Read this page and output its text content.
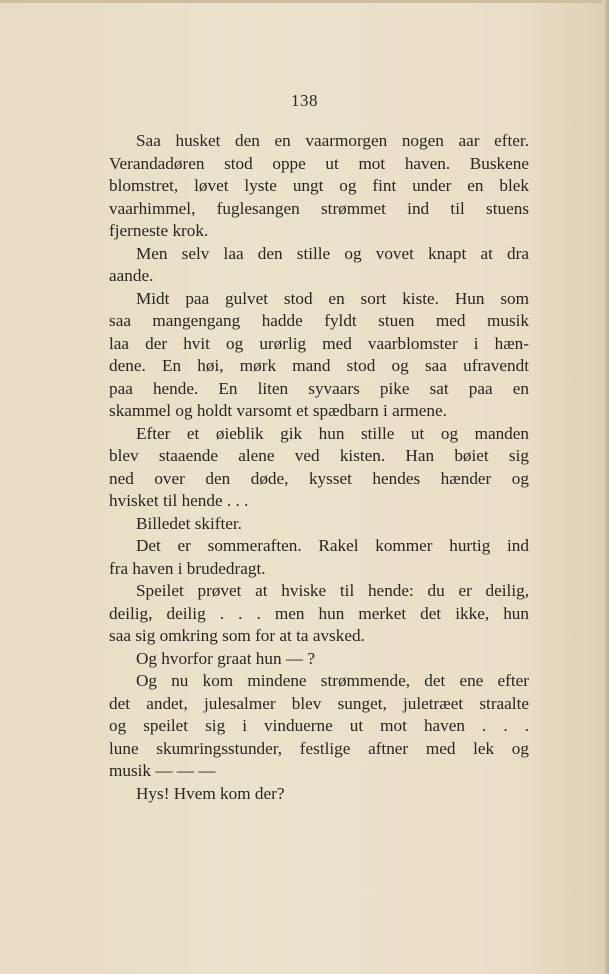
138
Saa husket den en vaarmorgen nogen aar efter.
Verandadøren stod oppe ut mot haven. Buskene
blomstret, løvet lyste ungt og fint under en blek
vaarhimmel, fuglesangen strømmet ind til stuens
fjerneste krok.
Men selv laa den stille og vovet knapt at dra
aande.
Midt paa gulvet stod en sort kiste. Hun som
saa mangengang hadde fyldt stuen med musik
laa der hvit og urørlig med vaarblomster i hæn-
dene. En høi, mørk mand stod og saa ufravendt
paa hende. En liten syvaars pike sat paa en
skammel og holdt varsomt et spædbarn i armene.
Efter et øieblik gik hun stille ut og manden
blev staaende alene ved kisten. Han bøiet sig
ned over den døde, kysset hendes hænder og
hvisket til hende . . .
Billedet skifter.
Det er sommeraften. Rakel kommer hurtig ind
fra haven i brudedragt.
Speilet prøvet at hviske til hende: du er deilig,
deilig, deilig . . . men hun merket det ikke, hun
saa sig omkring som for at ta avsked.
Og hvorfor graat hun — ?
Og nu kom mindene strømmende, det ene efter
det andet, julesalmer blev sunget, juletræet straalte
og speilet sig i vinduerne ut mot haven . . .
lune skumringsstunder, festlige aftner med lek og
musik — — —
Hys! Hvem kom der?
